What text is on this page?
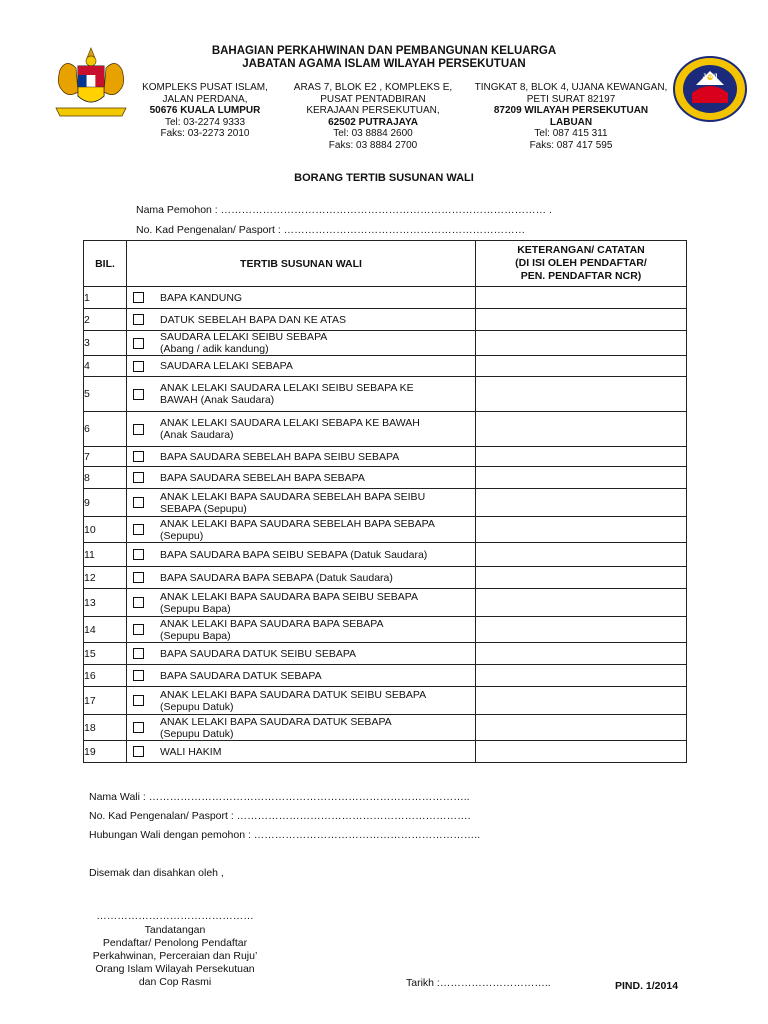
JAWI
BAHAGIAN PERKAHWINAN DAN PEMBANGUNAN KELUARGA
JABATAN AGAMA ISLAM WILAYAH PERSEKUTUAN
KOMPLEKS PUSAT ISLAM,
JALAN PERDANA,
50676 KUALA LUMPUR
Tel: 03-2274 9333
Faks: 03-2273 2010
ARAS 7, BLOK E2 , KOMPLEKS E,
PUSAT PENTADBIRAN
KERAJAAN PERSEKUTUAN,
62502 PUTRAJAYA
Tel: 03 8884 2600
Faks: 03 8884 2700
TINGKAT 8, BLOK 4, UJANA KEWANGAN,
PETI SURAT 82197
87209 WILAYAH PERSEKUTUAN
LABUAN
Tel: 087 415 311
Faks: 087 417 595
BORANG TERTIB SUSUNAN WALI
Nama Pemohon : ………………………………………………………………………………… .
No. Kad Pengenalan/ Pasport : ……………………………………………………………
BIL.	TERTIB SUSUNAN WALI	KETERANGAN/ CATATAN
(DI ISI OLEH PENDAFTAR/
PEN. PENDAFTAR NCR)

1	BAPA KANDUNG	

2	DATUK SEBELAH BAPA DAN KE ATAS	

3	SAUDARA LELAKI SEIBU SEBAPA
(Abang / adik kandung)	

4	SAUDARA LELAKI SEBAPA	

5	ANAK LELAKI SAUDARA LELAKI SEIBU SEBAPA KE
BAWAH (Anak Saudara)	

6	ANAK LELAKI SAUDARA LELAKI SEBAPA KE BAWAH
(Anak Saudara)	

7	BAPA SAUDARA SEBELAH BAPA SEIBU SEBAPA	

8	BAPA SAUDARA SEBELAH BAPA SEBAPA	

9	ANAK LELAKI BAPA SAUDARA SEBELAH BAPA SEIBU
SEBAPA (Sepupu)	

10	ANAK LELAKI BAPA SAUDARA SEBELAH BAPA SEBAPA
(Sepupu)	

11	BAPA SAUDARA BAPA SEIBU SEBAPA (Datuk Saudara)	

12	BAPA SAUDARA BAPA SEBAPA (Datuk Saudara)	

13	ANAK LELAKI BAPA SAUDARA BAPA SEIBU SEBAPA
(Sepupu Bapa)	

14	ANAK LELAKI BAPA SAUDARA BAPA SEBAPA
(Sepupu Bapa)	

15	BAPA SAUDARA DATUK SEIBU SEBAPA	

16	BAPA SAUDARA DATUK SEBAPA	

17	ANAK LELAKI BAPA SAUDARA DATUK SEIBU SEBAPA
(Sepupu Datuk)	

18	ANAK LELAKI BAPA SAUDARA DATUK SEBAPA
(Sepupu Datuk)	

19	WALI HAKIM	

Nama Wali : ………………………………………………………………………………..
No. Kad Pengenalan/ Pasport : ………………………………………………………….
Hubungan Wali dengan pemohon : ………………………………………………………..
Disemak dan disahkan oleh ,
………………………………………
Tandatangan
Pendaftar/ Penolong Pendaftar
Perkahwinan, Perceraian dan Ruju’
Orang Islam Wilayah Persekutuan
dan Cop Rasmi	Tarikh :…………………………..	PIND. 1/2014
